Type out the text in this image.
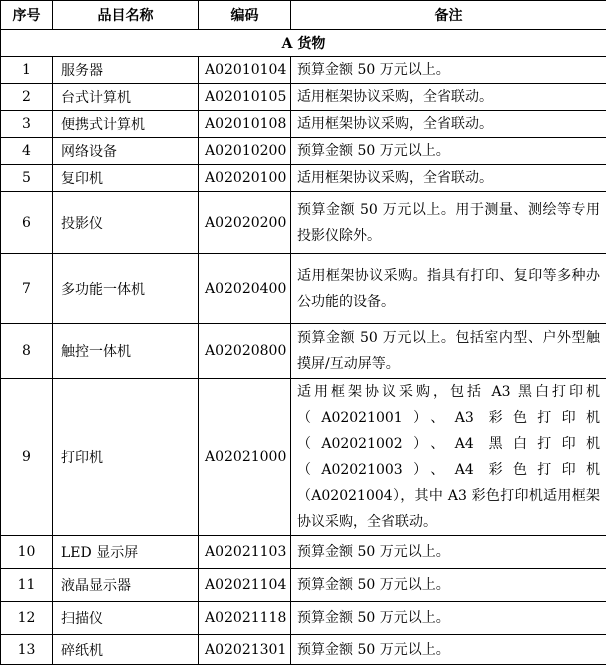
序号	品目名称	编码	备注
A 货物			
1	服务器	A02010104	预算金额 50 万元以上。
2	台式计算机	A02010105	适用框架协议采购，全省联动。
3	便携式计算机	A02010108	适用框架协议采购，全省联动。
4	网络设备	A02010200	预算金额 50 万元以上。
5	复印机	A02020100	适用框架协议采购，全省联动。
6	投影仪	A02020200	预算金额 50 万元以上。用于测量、测绘等专用投影仪除外。
7	多功能一体机	A02020400	适用框架协议采购。指具有打印、复印等多种办公功能的设备。
8	触控一体机	A02020800	预算金额 50 万元以上。包括室内型、户外型触摸屏/互动屏等。
9	打印机	A02021000	适用框架协议采购，包括 A3 黑白打印机（A02021001）、A3 彩色打印机（A02021002）、A4 黑白打印机（A02021003）、A4 彩色打印机（A02021004），其中 A3 彩色打印机适用框架协议采购，全省联动。
10	LED 显示屏	A02021103	预算金额 50 万元以上。
11	液晶显示器	A02021104	预算金额 50 万元以上。
12	扫描仪	A02021118	预算金额 50 万元以上。
13	碎纸机	A02021301	预算金额 50 万元以上。
